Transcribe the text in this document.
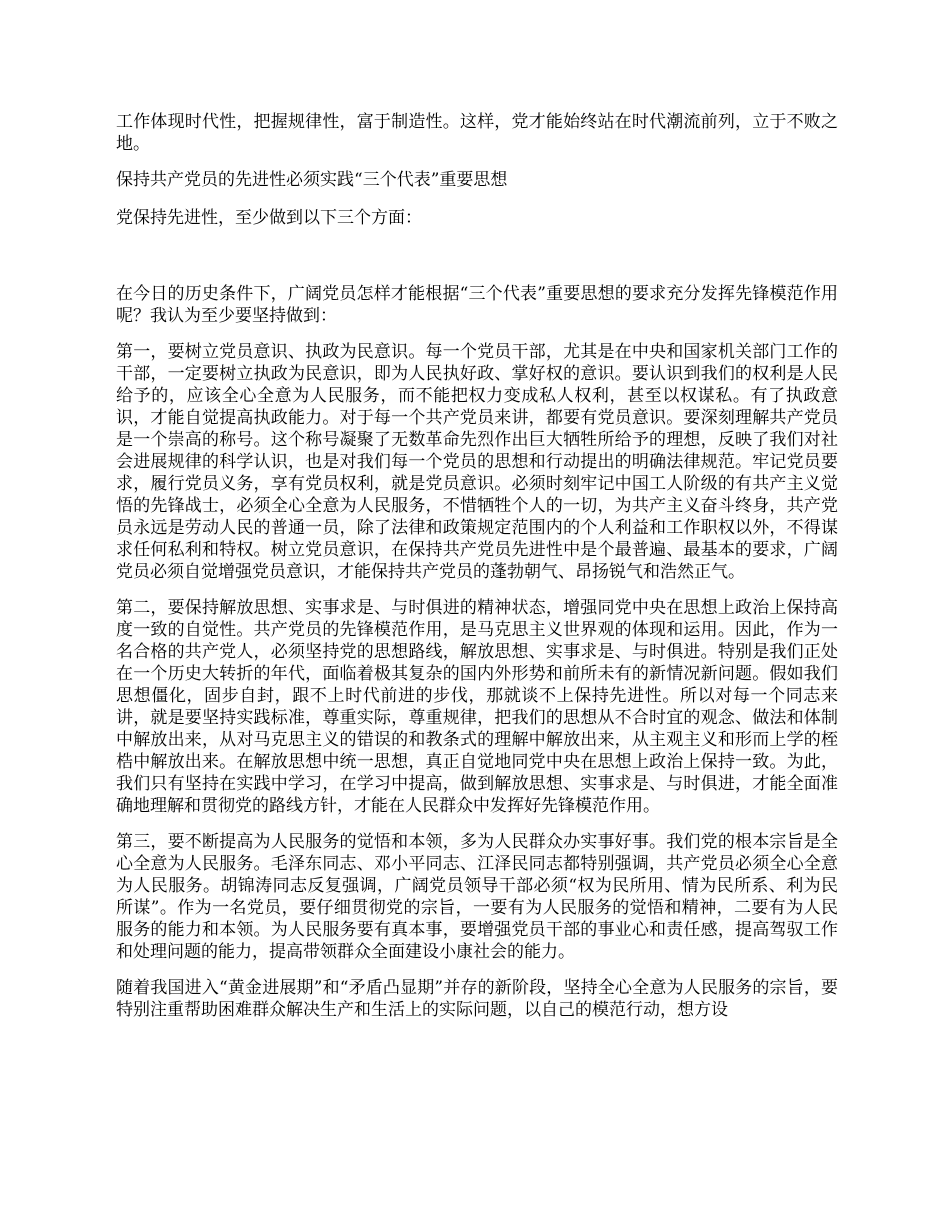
工作体现时代性，把握规律性，富于制造性。这样，党才能始终站在时代潮流前列，立于不败之地。

保持共产党员的先进性必须实践“三个代表”重要思想

党保持先进性，至少做到以下三个方面：

在今日的历史条件下，广阔党员怎样才能根据“三个代表”重要思想的要求充分发挥先锋模范作用呢？我认为至少要坚持做到：

第一，要树立党员意识、执政为民意识。每一个党员干部，尤其是在中央和国家机关部门工作的干部，一定要树立执政为民意识，即为人民执好政、掌好权的意识。要认识到我们的权利是人民给予的，应该全心全意为人民服务，而不能把权力变成私人权利，甚至以权谋私。有了执政意识，才能自觉提高执政能力。对于每一个共产党员来讲，都要有党员意识。要深刻理解共产党员是一个崇高的称号。这个称号凝聚了无数革命先烈作出巨大牺牲所给予的理想，反映了我们对社会进展规律的科学认识，也是对我们每一个党员的思想和行动提出的明确法律规范。牢记党员要求，履行党员义务，享有党员权利，就是党员意识。必须时刻牢记中国工人阶级的有共产主义觉悟的先锋战士，必须全心全意为人民服务，不惜牺牲个人的一切，为共产主义奋斗终身，共产党员永远是劳动人民的普通一员，除了法律和政策规定范围内的个人利益和工作职权以外，不得谋求任何私利和特权。树立党员意识，在保持共产党员先进性中是个最普遍、最基本的要求，广阔党员必须自觉增强党员意识，才能保持共产党员的蓬勃朝气、昂扬锐气和浩然正气。

第二，要保持解放思想、实事求是、与时俱进的精神状态，增强同党中央在思想上政治上保持高度一致的自觉性。共产党员的先锋模范作用，是马克思主义世界观的体现和运用。因此，作为一名合格的共产党人，必须坚持党的思想路线，解放思想、实事求是、与时俱进。特别是我们正处在一个历史大转折的年代，面临着极其复杂的国内外形势和前所未有的新情况新问题。假如我们思想僵化，固步自封，跟不上时代前进的步伐，那就谈不上保持先进性。所以对每一个同志来讲，就是要坚持实践标准，尊重实际，尊重规律，把我们的思想从不合时宜的观念、做法和体制中解放出来，从对马克思主义的错误的和教条式的理解中解放出来，从主观主义和形而上学的桎梏中解放出来。在解放思想中统一思想，真正自觉地同党中央在思想上政治上保持一致。为此，我们只有坚持在实践中学习，在学习中提高，做到解放思想、实事求是、与时俱进，才能全面准确地理解和贯彻党的路线方针，才能在人民群众中发挥好先锋模范作用。

第三，要不断提高为人民服务的觉悟和本领，多为人民群众办实事好事。我们党的根本宗旨是全心全意为人民服务。毛泽东同志、邓小平同志、江泽民同志都特别强调，共产党员必须全心全意为人民服务。胡锦涛同志反复强调，广阔党员领导干部必须“权为民所用、情为民所系、利为民所谋”。作为一名党员，要仔细贯彻党的宗旨，一要有为人民服务的觉悟和精神，二要有为人民服务的能力和本领。为人民服务要有真本事，要增强党员干部的事业心和责任感，提高驾驭工作和处理问题的能力，提高带领群众全面建设小康社会的能力。

随着我国进入“黄金进展期”和“矛盾凸显期”并存的新阶段，坚持全心全意为人民服务的宗旨，要特别注重帮助困难群众解决生产和生活上的实际问题，以自己的模范行动，想方设
